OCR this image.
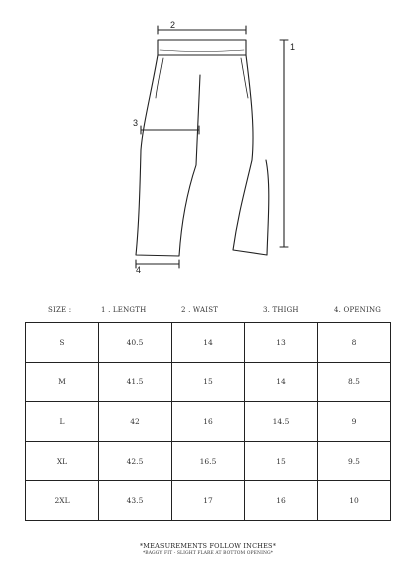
1
2
3
4
SIZE :	1 . LENGTH	2 . WAIST	3. THIGH	4. OPENING
S	40.5	14	13	8
M	41.5	15	14	8.5
L	42	16	14.5	9
XL	42.5	16.5	15	9.5
2XL	43.5	17	16	10
*MEASUREMENTS FOLLOW INCHES*
*BAGGY FIT - SLIGHT FLARE AT BOTTOM OPENING*
